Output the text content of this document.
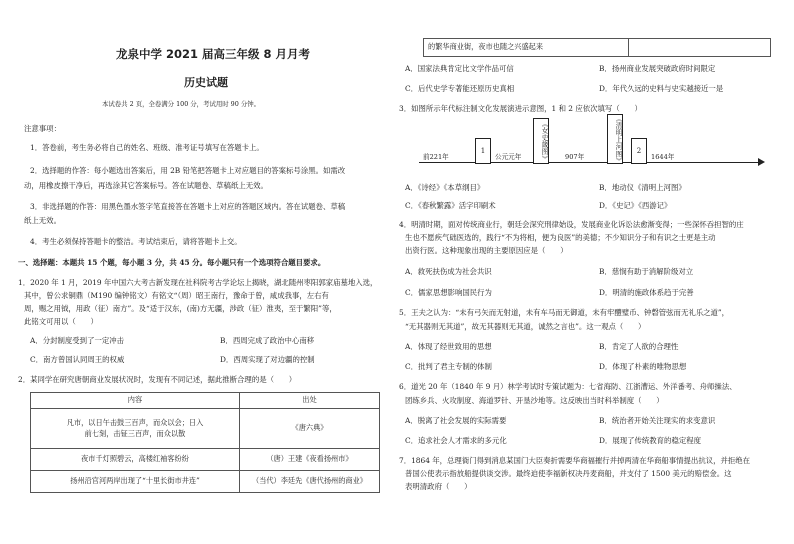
龙泉中学 2021 届高三年级 8 月月考
历史试题
本试卷共 2 页，全卷满分 100 分，考试用时 90 分钟。
注意事项：
1．答卷前，考生务必将自己的姓名、班级、准考证号填写在答题卡上。
2．选择题的作答：每小题选出答案后，用 2B 铅笔把答题卡上对应题目的答案标号涂黑。如需改
动，用橡皮擦干净后，再选涂其它答案标号。答在试题卷、草稿纸上无效。
3．非选择题的作答：用黑色墨水签字笔直接答在答题卡上对应的答题区域内。答在试题卷、草稿
纸上无效。
4．考生必须保持答题卡的整洁。考试结束后，请将答题卡上交。
一、选择题：本题共 15 个题，每小题 3 分，共 45 分。每小题只有一个选项符合题目要求。
1．2020 年 1 月，2019 年中国六大考古新发现在社科院考古学论坛上揭晓，湖北随州枣阳郭家庙墓地入选，
其中，曾公求铜鼎（M190 编钟铭文）有铭文“（周）昭王南行，豫命于曾，咸成我事，左右有
周，赐之用钺，用政（征）南方”。及“适于汉东，(南)方无疆，涉政（征）淮夷，至于繁阳”等，
此铭文可用以（　　）
A．分封制度受到了一定冲击	B．西周完成了政治中心南移
C．南方曾国认同周王的权威	D．西周实现了对边疆的控制
2．某同学在研究唐朝商业发展状况时，发现有不同记述，据此推断合理的是（　　）
内容	出处

凡市，以日午击鼓三百声，而众以会；日入
前七刻，击钲三百声，而众以散	《唐六典》
夜市千灯照碧云，高楼红袖客纷纷	（唐）王建《夜看扬州市》
扬州沿官河两岸出现了“十里长街市井连”	（当代）李廷先《唐代扬州的商业》
的繁华商业街，夜市也随之兴盛起来	
A．国家法典肯定比文学作品可信	B．扬州商业发展突破政府时间限定
C．后代史学专著能还原历史真相	D．年代久远的史料与史实越接近一是
3．如图所示年代标注制文化发展演进示意图，1 和 2 应依次填写（　　）
前221年
1
公元元年	《女史箴图》	907年	《清明上河图》	2
1644年
A．《诗经》《本草纲目》	B．地动仪《清明上河图》
C．《春秋繁露》活字印刷术	D．《史记》《西游记》
4．明清时期，面对传统商业行，朝廷会深究刑律始设，发展商业化诉讼法愈渐变得；一些深怀吞担智的庄
生也不愿疾气础医选的，践行“不为将相，便为良医”的美德；不少知识分子和有识之士更是主动
出资行医。这种现象出现的主要原因应是（　　）
A．救死扶伤成为社会共识	B．慈悯有助于消解阶级对立
C．儒家思想影响国民行为	D．明清的施政体系趋于完善
5．王夫之认为：“未有弓矢而无射道，未有车马而无御道，未有牢醴璧币、钟磬管弦而无礼乐之道”，
“无其器则无其道”，故无其器则无其道，诚然之言也”。这一观点（　　）
A．体现了经世致用的思想	B．肯定了人欲的合理性
C．批判了君主专制的体制	D．体现了朴素的唯物思想
6．道光 20 年（1840 年 9 月）林学考试时专策试题为：七省海防、江浙漕运、外洋番考、舟师操法、
团练乡兵、火攻制度、海道罗针、开垦沙地等。这反映出当时科举制度（　　）
A．脱离了社会发展的实际需要	B．统治者开始关注现实的求变意识
C．追求社会人才需求的多元化	D．展现了传统教育的稳定程度
7．1864 年，总理衙门得到消息某国门大臣奏折需要华商福摧行并掉两清在华商船事情提出抗议，并拒绝在
普国公使表示指放船提供谈交涉。最终迫使李福新权决丹麦商船，并支付了 1500 美元的赔偿金。这
表明清政府（　　）
